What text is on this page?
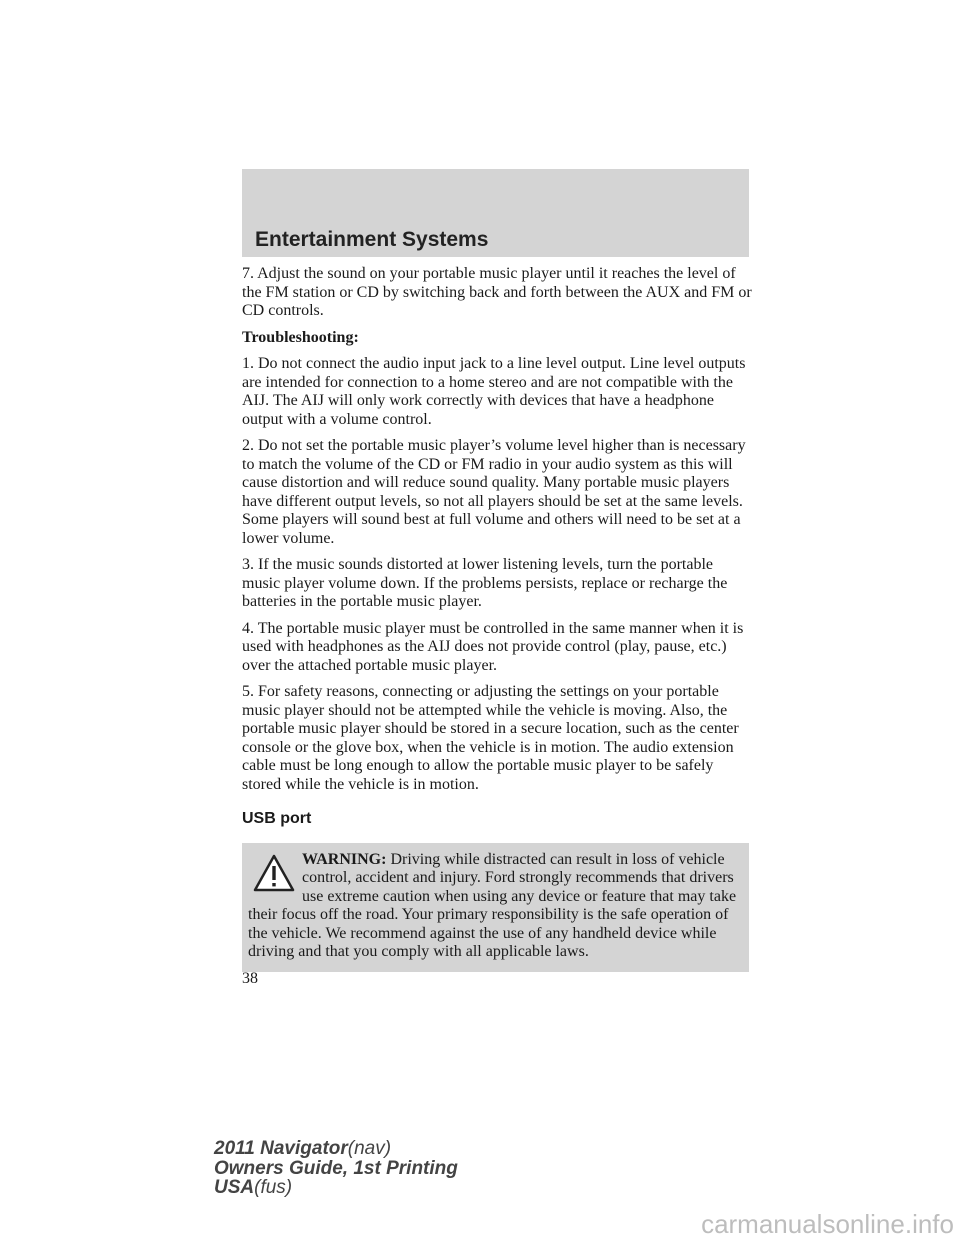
Entertainment Systems

7. Adjust the sound on your portable music player until it reaches the level of the FM station or CD by switching back and forth between the AUX and FM or CD controls.

Troubleshooting:

1. Do not connect the audio input jack to a line level output. Line level outputs are intended for connection to a home stereo and are not compatible with the AIJ. The AIJ will only work correctly with devices that have a headphone output with a volume control.

2. Do not set the portable music player’s volume level higher than is necessary to match the volume of the CD or FM radio in your audio system as this will cause distortion and will reduce sound quality. Many portable music players have different output levels, so not all players should be set at the same levels. Some players will sound best at full volume and others will need to be set at a lower volume.

3. If the music sounds distorted at lower listening levels, turn the portable music player volume down. If the problems persists, replace or recharge the batteries in the portable music player.

4. The portable music player must be controlled in the same manner when it is used with headphones as the AIJ does not provide control (play, pause, etc.) over the attached portable music player.

5. For safety reasons, connecting or adjusting the settings on your portable music player should not be attempted while the vehicle is moving. Also, the portable music player should be stored in a secure location, such as the center console or the glove box, when the vehicle is in motion. The audio extension cable must be long enough to allow the portable music player to be safely stored while the vehicle is in motion.

USB port
WARNING: Driving while distracted can result in loss of vehicle control, accident and injury. Ford strongly recommends that drivers use extreme caution when using any device or feature that may take their focus off the road. Your primary responsibility is the safe operation of the vehicle. We recommend against the use of any handheld device while driving and that you comply with all applicable laws.
38
2011 Navigator(nav)
Owners Guide, 1st Printing
USA(fus)
carmanualsonline.info
